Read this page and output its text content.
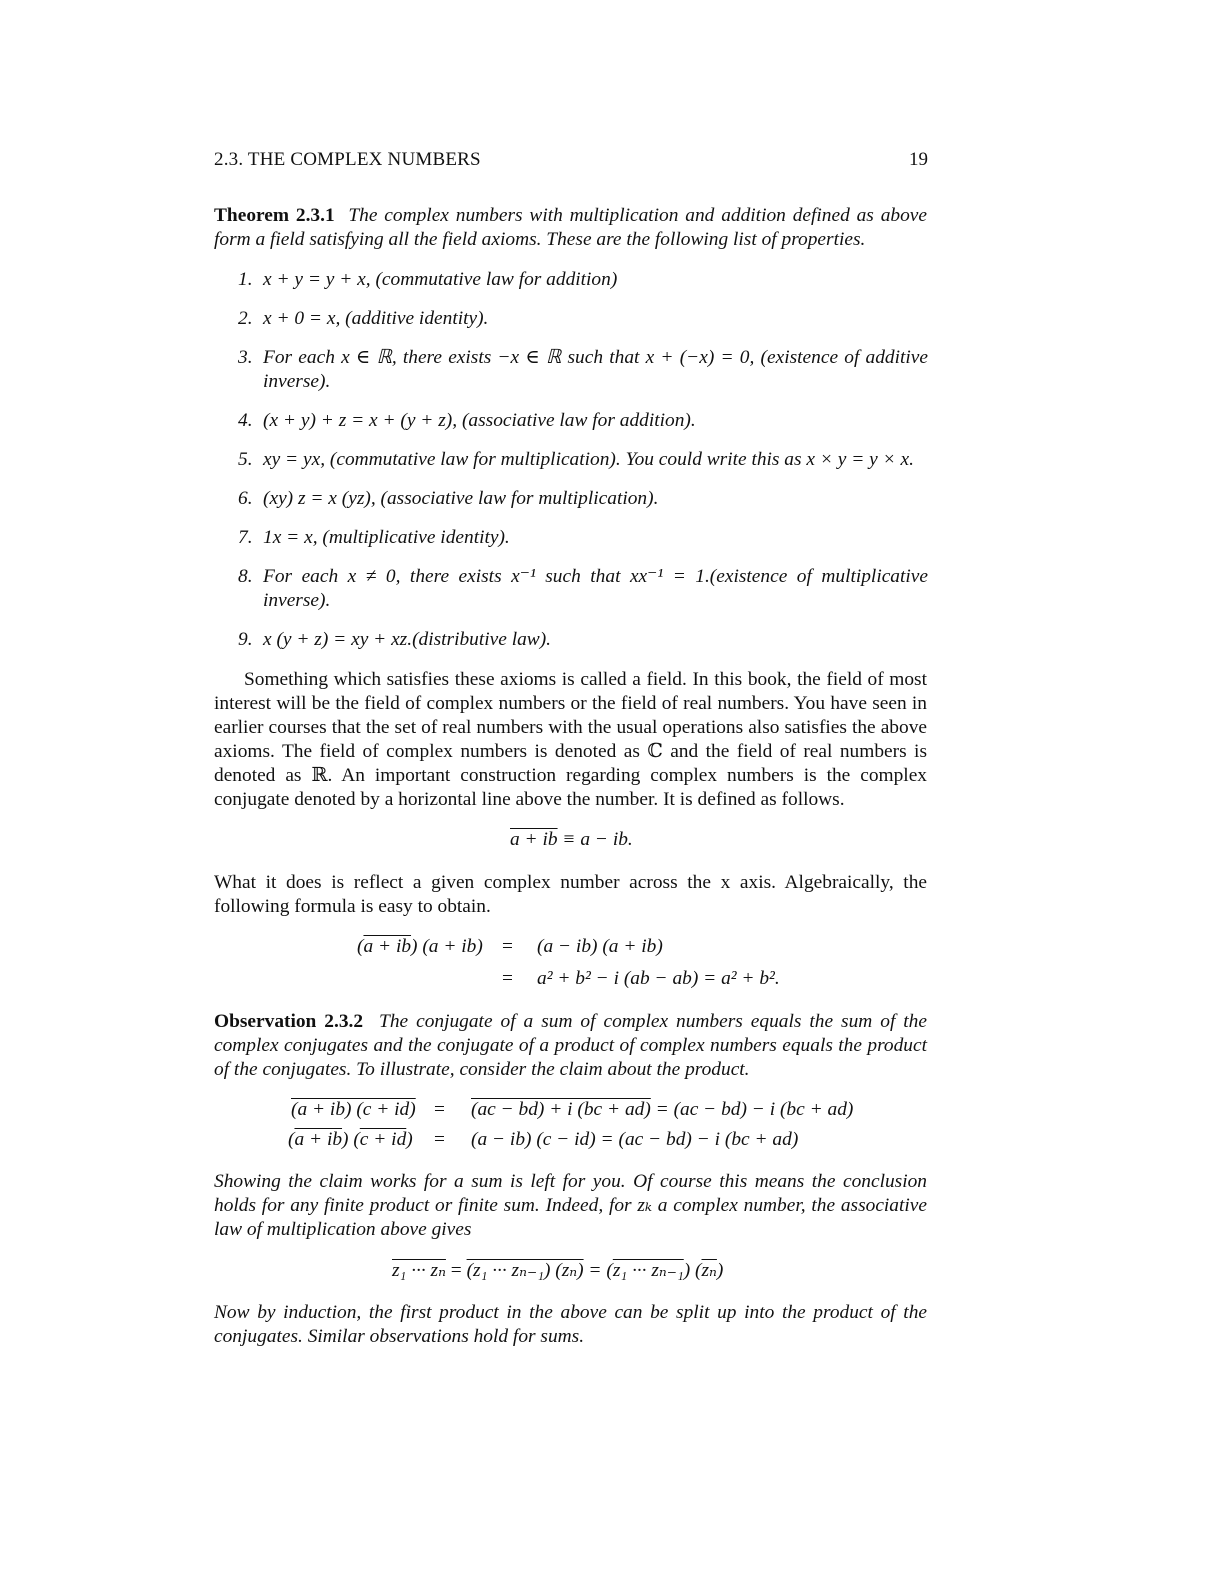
2.3. THE COMPLEX NUMBERS	19
Theorem 2.3.1 The complex numbers with multiplication and addition defined as above form a field satisfying all the field axioms. These are the following list of properties.
1. x + y = y + x, (commutative law for addition)
2. x + 0 = x, (additive identity).
3. For each x ∈ ℝ, there exists −x ∈ ℝ such that x + (−x) = 0, (existence of additive inverse).
4. (x + y) + z = x + (y + z), (associative law for addition).
5. xy = yx, (commutative law for multiplication). You could write this as x × y = y × x.
6. (xy) z = x (yz), (associative law for multiplication).
7. 1x = x, (multiplicative identity).
8. For each x ≠ 0, there exists x⁻¹ such that xx⁻¹ = 1.(existence of multiplicative inverse).
9. x (y + z) = xy + xz.(distributive law).
Something which satisfies these axioms is called a field. In this book, the field of most interest will be the field of complex numbers or the field of real numbers. You have seen in earlier courses that the set of real numbers with the usual operations also satisfies the above axioms. The field of complex numbers is denoted as ℂ and the field of real numbers is denoted as ℝ. An important construction regarding complex numbers is the complex conjugate denoted by a horizontal line above the number. It is defined as follows.
a + ib ≡ a − ib.
What it does is reflect a given complex number across the x axis. Algebraically, the following formula is easy to obtain.
(a + ib) (a + ib) = (a − ib) (a + ib)
= a² + b² − i (ab − ab) = a² + b².
Observation 2.3.2 The conjugate of a sum of complex numbers equals the sum of the complex conjugates and the conjugate of a product of complex numbers equals the product of the conjugates. To illustrate, consider the claim about the product.
(a + ib) (c + id) = (ac − bd) + i (bc + ad) = (ac − bd) − i (bc + ad)
(a + ib) (c + id) = (a − ib) (c − id) = (ac − bd) − i (bc + ad)
Showing the claim works for a sum is left for you. Of course this means the conclusion holds for any finite product or finite sum. Indeed, for zₖ a complex number, the associative law of multiplication above gives
z₁ ··· zₙ = (z₁ ··· zₙ₋₁) (zₙ) = (z₁ ··· zₙ₋₁) $(\overline{z_n})$
Now by induction, the first product in the above can be split up into the product of the conjugates. Similar observations hold for sums.
